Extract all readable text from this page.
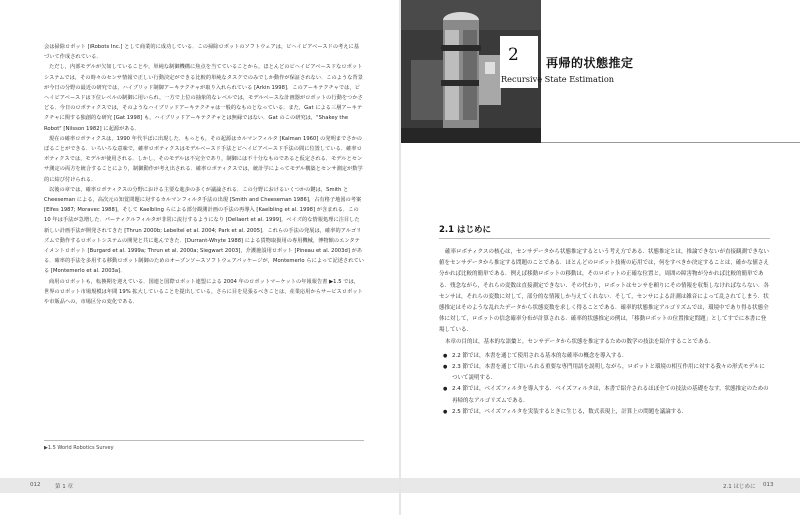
会は掃除ロボット [iRobots Inc.] として商業的に成功している．この掃除ロボットのソフトウェアは，ビヘイビアベースドの考えに基づいて作成されている．

ただし，内部モデルが欠如していることや，単純な制御機構に焦点を当てていることから，ほとんどのビヘイビアベースドなロボットシステムでは，その時々のセンサ情報で正しい行動決定ができる比較的単純なタスクでのみでしか動作が保証されない．このような背景が今日の分野の最近の研究では，ハイブリッド制御アーキテクチャが取り入れられている [Arkin 1998]．このアーキテクチャでは，ビヘイビアベースドは下位レベルの制御に用いられ，一方で上位の抽象的なレベルでは，モデルベースな計画器がロボットの行動をつかさどる．今日のロボティクスでは，そのようなハイブリッドアーキテクチャは一般的なものとなっている．また，Gat による三層アーキテクチャに関する独創的な研究 [Gat 1998] も，ハイブリッドアーキテクチャとは無縁ではない．Gat のこの研究は，"Shakey the Robot" [Nilsson 1982] に起源がある．

現在の確率ロボティクスは，1990 年代半ばに出現した．もっとも，その起源はカルマンフィルタ [Kalman 1960] の発明までさかのぼることができる．いろいろな意味で，確率ロボティクスはモデルベースド手法とビヘイビアベースド手法の間に位置している．確率ロボティクスでは，モデルが使用される．しかし，そのモデルは不完全であり，制御には不十分なものであると仮定される．モデルとセンサ測定の両方を統合することにより，制御動作が考え出される．確率ロボティクスでは，統計学によってモデル構築とセンサ測定が数学的に結び付けられる．

以後の章では，確率ロボティクスの分野における主要な進歩の多くが議論される．この分野におけるいくつかの鍵は，Smith と Cheeseman による，高次元の知覚問題に対するカルマンフィルタ手法の出現 [Smith and Cheeseman 1986]，占有格子地図の考案 [Elfes 1987; Moravec 1988]，そして Kaelbling らによる部分観測計画の手法の再導入 [Kaelbling et al. 1998] が含まれる．この 10 年は手法が急増した．パーティクルフィルタが非常に流行するようになり [Dellaert et al. 1999]，ベイズ的な情報処理に注目した新しい計画手法が開発されてきた [Thrun 2000b; Lebeltel et al. 2004; Park et al. 2005]．これらの手法の発展は，確率的アルゴリズムで動作するロボットシステムの開発と共に進んできた．[Durrant-Whyte 1988] による貨物取扱用の専用機械，博物館のエンタテイメントロボット [Burgard et al. 1999a; Thrun et al. 2000a; Siegwart 2003]，介護施設用ロボット [Pineau et al. 2003d] がある．確率的手法を多用する移動ロボット制御のためのオープンソースソフトウェアパッケージが，Montemerlo らによって記述されている [Montemerlo et al. 2003a]．

商用のロボットも，転換期を迎えている．国連と国際ロボット連盟による 2004 年のロボットマーケットの年報報告書 ▶1.5 では，世界のロボット市場規模は年間 19% 拡大していることを提出している，さらに目を見張るべきことは，産業応用からサービスロボットや市販品への，市場区分の変化である．

▶1.5 World Robotics Survey
012	第 1 章
2 再帰的状態推定
Recursive State Estimation
2.1 はじめに

確率ロボティクスの核心は，センサデータから状態推定するという考え方である．状態推定とは，推論できないが直接観測できない値をセンサデータから推定する問題のことである．ほとんどのロボット技術の応用では，何をすべきか決定することは，確かな値さえ分かれば比較的簡単である．例えば移動ロボットの移動は，そのロボットの正確な位置と，周囲の障害物が分かれば比較的簡単である．残念ながら，それらの変数は直接測定できない．その代わり，ロボットはセンサを頼りにその情報を収集しなければならない．各センサは，それらの変数に対して，部分的な情報しか与えてくれない．そして，センサによる計測は雑音によって乱されてしまう．状態推定はそのような乱れたデータから状態変数を求しく得ることである．確率的状態推定アルゴリズムでは，環境中であり得る状態全体に対して，ロボットの信念確率分布が計算される．確率的状態推定の例は，「移動ロボットの位置推定問題」としてすでに本書に登場している．

本章の目的は，基本的な語彙と，センサデータから状態を推定するための数学の技法を紹介することである．

● 2.2 節では，本書を通じて使用される基本的な確率の概念を導入する．
● 2.3 節では，本書を通じて用いられる重要な専門用語を説明しながら，ロボットと環境の相互作用に対する我々の形式モデルについて説明する．
● 2.4 節では，ベイズフィルタを導入する．ベイズフィルタは，本書で紹介されるほぼ全ての技法の基礎をなす，状態推定のための再帰的なアルゴリズムである．
● 2.5 節では，ベイズフィルタを実装するときに生じる，数式表現上，計算上の問題を議論する．
2.1 はじめに 013
